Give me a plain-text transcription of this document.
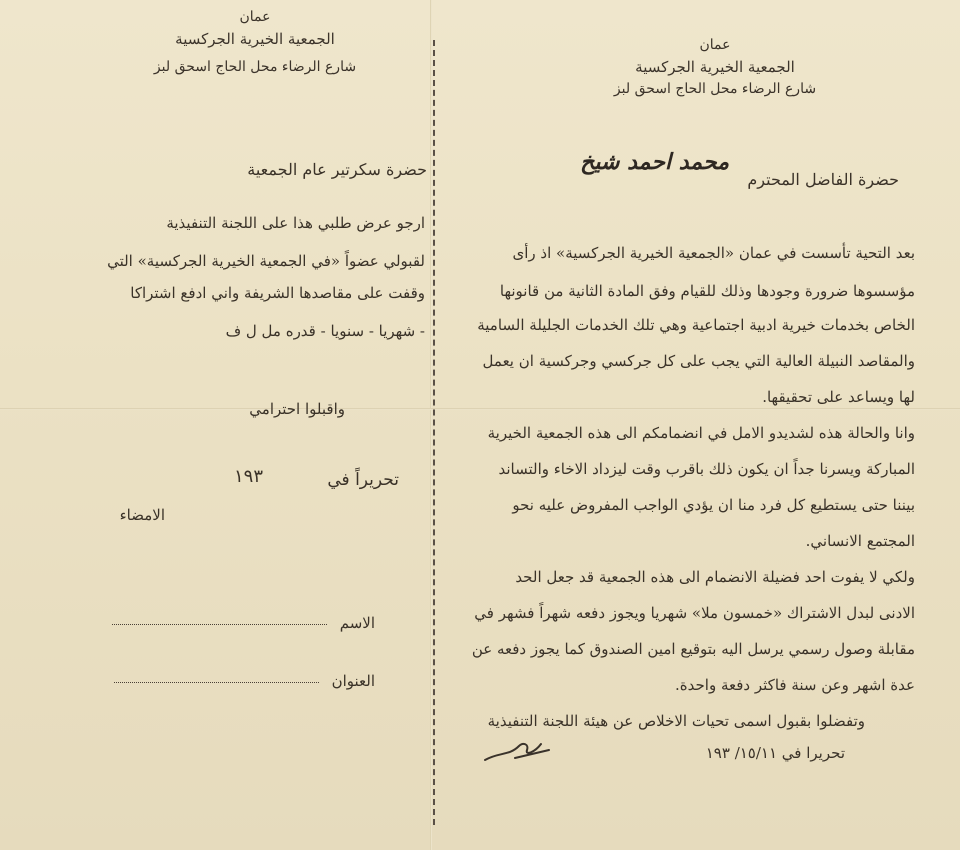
عمان
الجمعية الخيرية الجركسية
شارع الرضاء محل الحاج اسحق لبز
حضرة سكرتير عام الجمعية
ارجو عرض طلبي هذا على اللجنة التنفيذية
لقبولي عضواً «في الجمعية الخيرية الجركسية» التي
وقفت على مقاصدها الشريفة واني ادفع اشتراكا
- شهريا - سنويا - قدره مل ل ف
واقبلوا احترامي
تحريراً في
١٩٣
الامضاء
الاسم
العنوان
عمان
الجمعية الخيرية الجركسية
شارع الرضاء محل الحاج اسحق لبز
حضرة الفاضل المحترم
محمد احمد شيخ
بعد التحية تأسست في عمان «الجمعية الخيرية الجركسية» اذ رأى
مؤسسوها ضرورة وجودها وذلك للقيام وفق المادة الثانية من قانونها
الخاص بخدمات خيرية ادبية اجتماعية وهي تلك الخدمات الجليلة السامية
والمقاصد النبيلة العالية التي يجب على كل جركسي وجركسية ان يعمل
لها ويساعد على تحقيقها.
وانا والحالة هذه لشديدو الامل في انضمامكم الى هذه الجمعية الخيرية
المباركة ويسرنا جداً ان يكون ذلك باقرب وقت ليزداد الاخاء والتساند
بيننا حتى يستطيع كل فرد منا ان يؤدي الواجب المفروض عليه نحو
المجتمع الانساني.
ولكي لا يفوت احد فضيلة الانضمام الى هذه الجمعية قد جعل الحد
الادنى لبدل الاشتراك «خمسون ملا» شهريا ويجوز دفعه شهراً فشهر في
مقابلة وصول رسمي يرسل اليه بتوقيع امين الصندوق كما يجوز دفعه عن
عدة اشهر وعن سنة فاكثر دفعة واحدة.
وتفضلوا بقبول اسمى تحيات الاخلاص عن هيئة اللجنة التنفيذية
تحريرا في ١٥/١١/ ١٩٣
